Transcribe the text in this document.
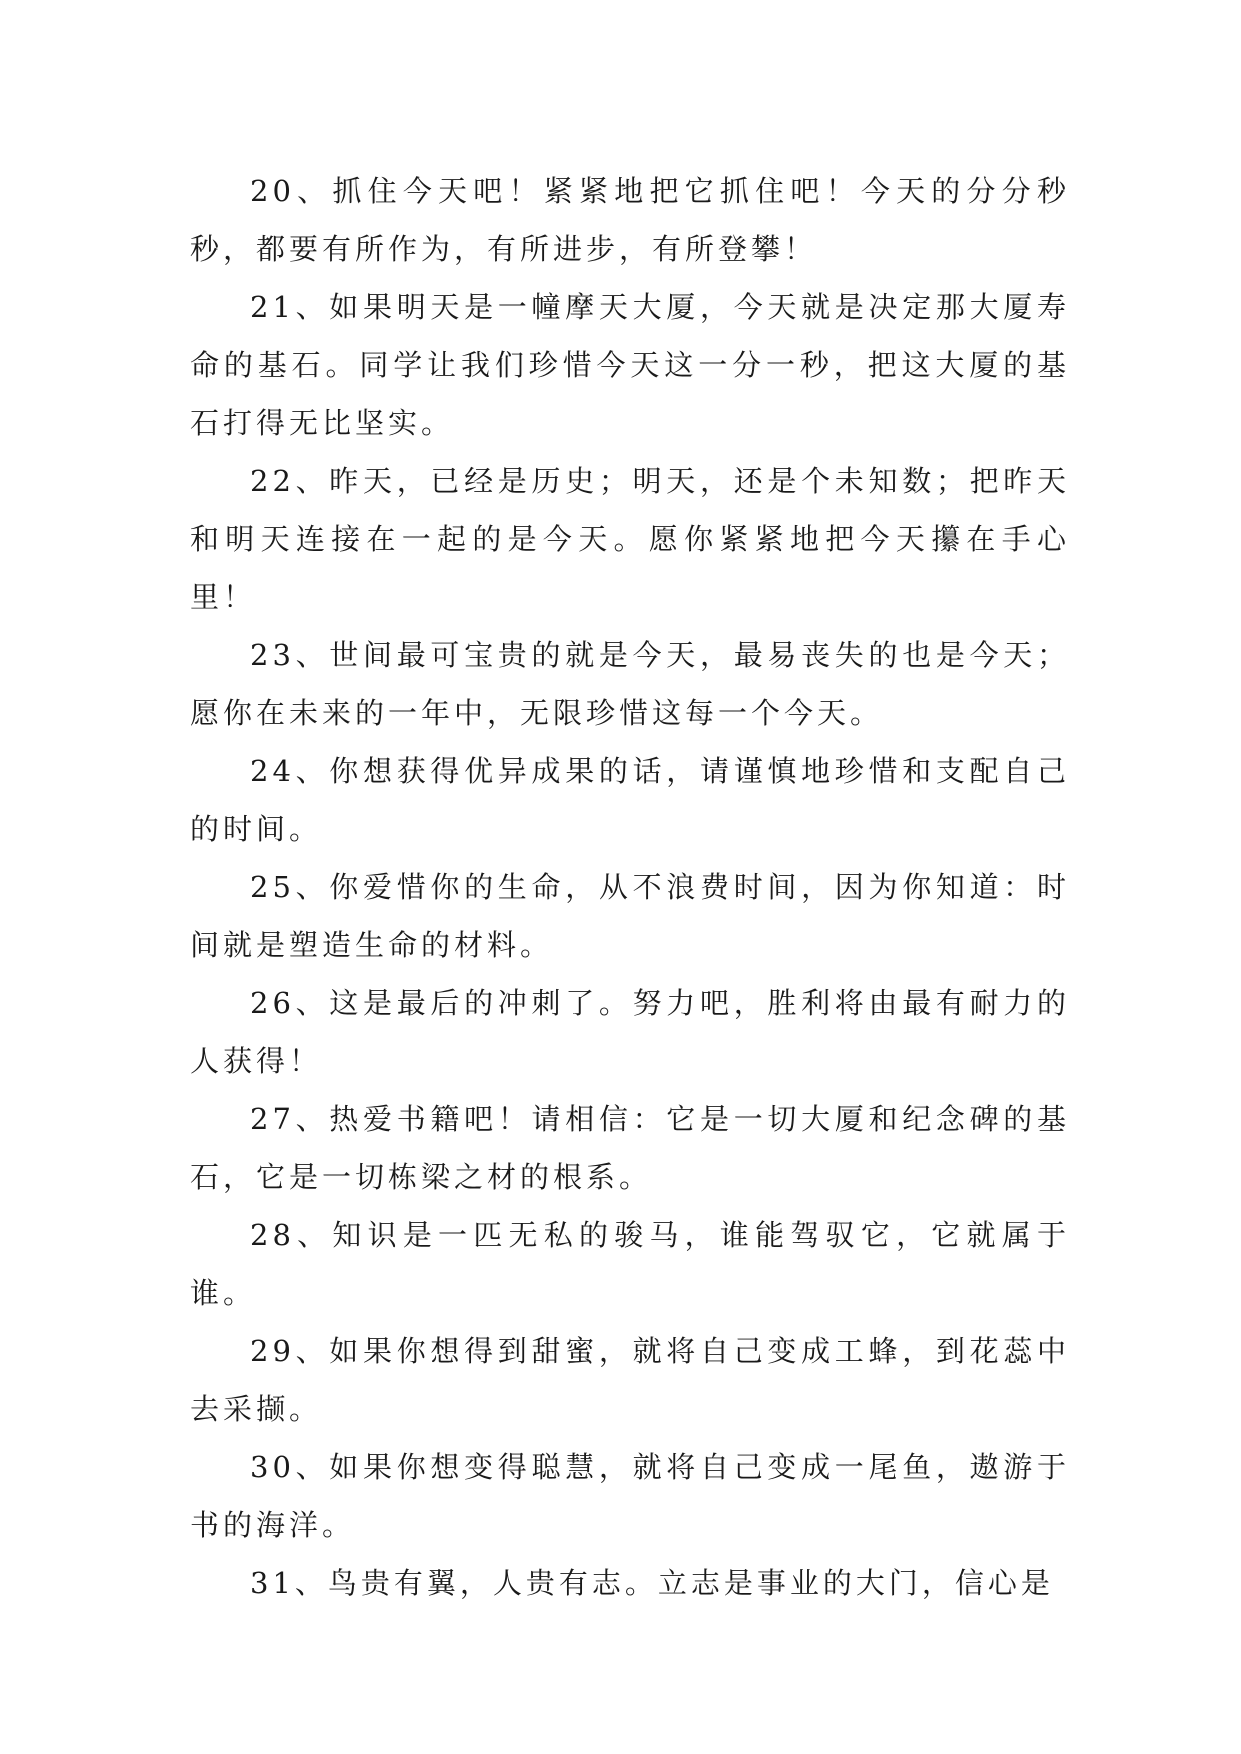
20、抓住今天吧！紧紧地把它抓住吧！今天的分分秒秒，都要有所作为，有所进步，有所登攀！

21、如果明天是一幢摩天大厦，今天就是决定那大厦寿命的基石。同学让我们珍惜今天这一分一秒，把这大厦的基石打得无比坚实。

22、昨天，已经是历史；明天，还是个未知数；把昨天和明天连接在一起的是今天。愿你紧紧地把今天攥在手心里！

23、世间最可宝贵的就是今天，最易丧失的也是今天；愿你在未来的一年中，无限珍惜这每一个今天。

24、你想获得优异成果的话，请谨慎地珍惜和支配自己的时间。

25、你爱惜你的生命，从不浪费时间，因为你知道：时间就是塑造生命的材料。

26、这是最后的冲刺了。努力吧，胜利将由最有耐力的人获得！

27、热爱书籍吧！请相信：它是一切大厦和纪念碑的基石，它是一切栋梁之材的根系。

28、知识是一匹无私的骏马，谁能驾驭它，它就属于谁。

29、如果你想得到甜蜜，就将自己变成工蜂，到花蕊中去采撷。

30、如果你想变得聪慧，就将自己变成一尾鱼，遨游于书的海洋。

31、鸟贵有翼，人贵有志。立志是事业的大门，信心是
